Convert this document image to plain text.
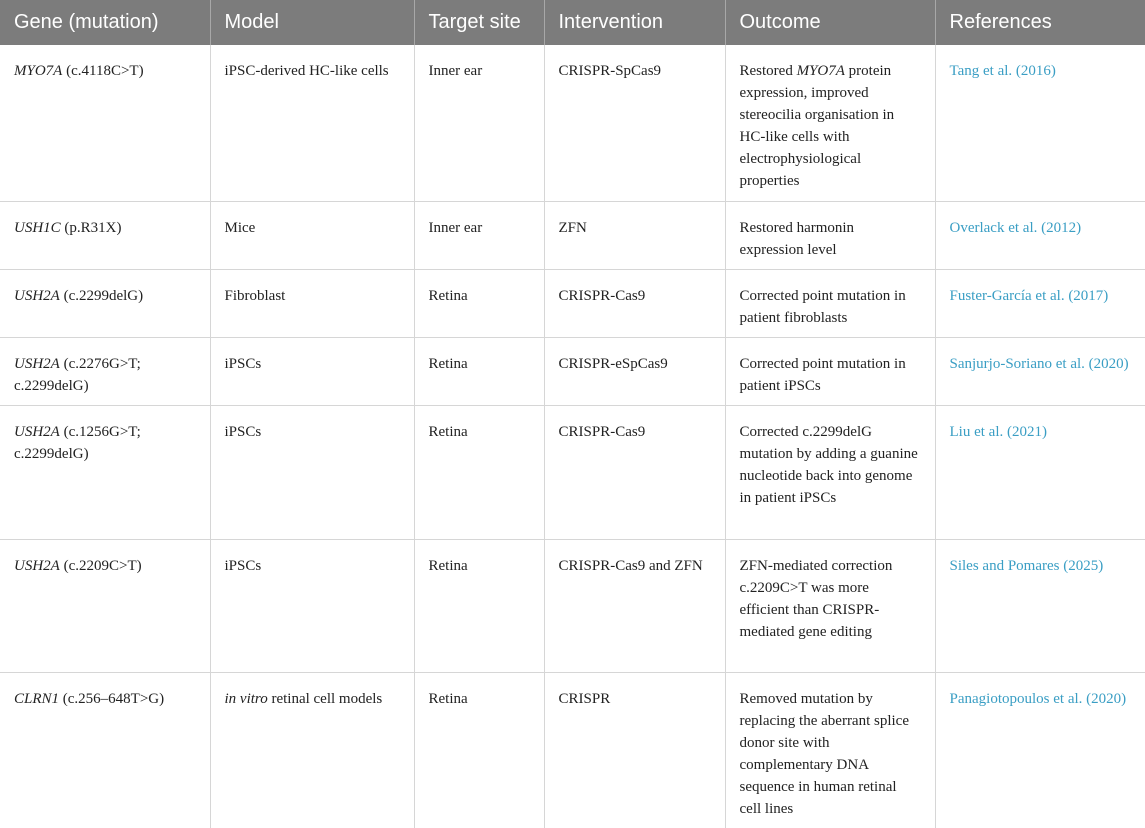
Gene (mutation)	Model	Target site	Intervention	Outcome	References
MYO7A (c.4118C>T)	iPSC-derived HC-like cells	Inner ear	CRISPR-SpCas9	Restored MYO7A protein expression, improved stereocilia organisation in HC-like cells with electrophysiological properties	Tang et al. (2016)
USH1C (p.R31X)	Mice	Inner ear	ZFN	Restored harmonin expression level	Overlack et al. (2012)
USH2A (c.2299delG)	Fibroblast	Retina	CRISPR-Cas9	Corrected point mutation in patient fibroblasts	Fuster-García et al. (2017)
USH2A (c.2276G>T; c.2299delG)	iPSCs	Retina	CRISPR-eSpCas9	Corrected point mutation in patient iPSCs	Sanjurjo-Soriano et al. (2020)
USH2A (c.1256G>T; c.2299delG)	iPSCs	Retina	CRISPR-Cas9	Corrected c.2299delG mutation by adding a guanine nucleotide back into genome in patient iPSCs	Liu et al. (2021)
USH2A (c.2209C>T)	iPSCs	Retina	CRISPR-Cas9 and ZFN	ZFN-mediated correction c.2209C>T was more efficient than CRISPR-mediated gene editing	Siles and Pomares (2025)
CLRN1 (c.256–648T>G)	in vitro retinal cell models	Retina	CRISPR	Removed mutation by replacing the aberrant splice donor site with complementary DNA sequence in human retinal cell lines	Panagiotopoulos et al. (2020)
